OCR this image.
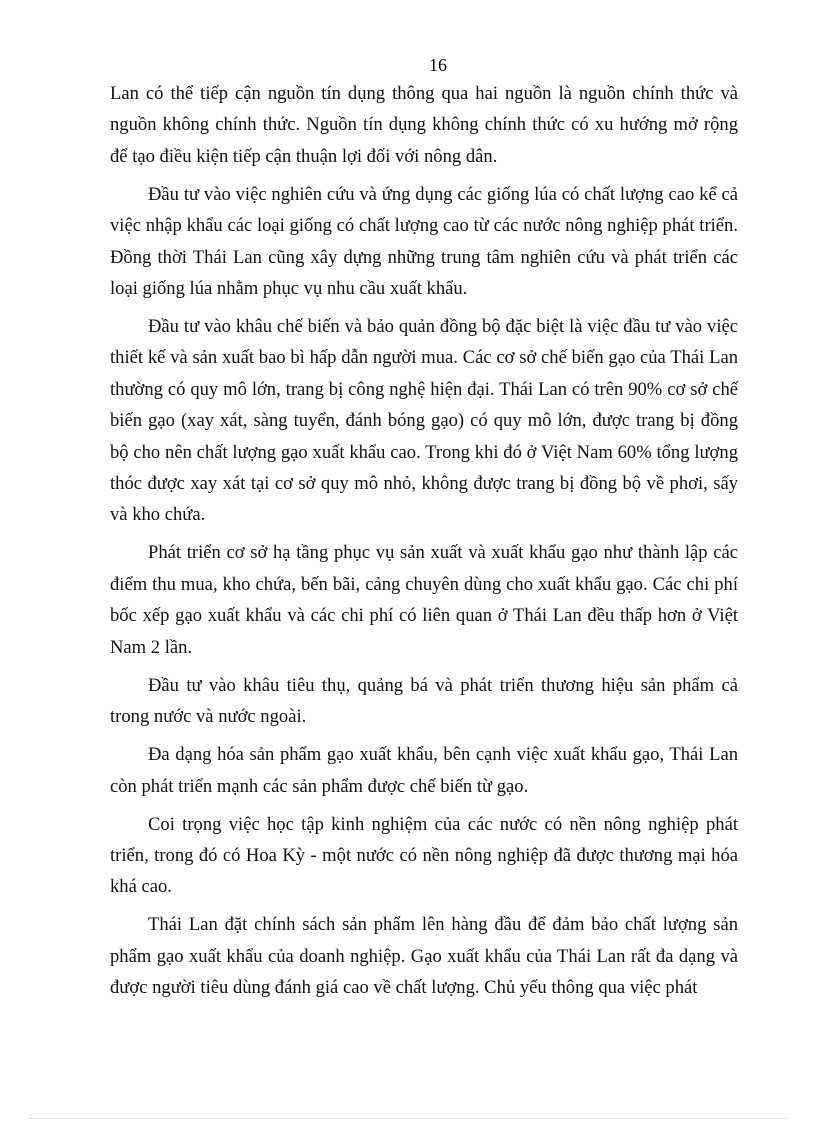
16

Lan có thể tiếp cận nguồn tín dụng thông qua hai nguồn là nguồn chính thức và nguồn không chính thức. Nguồn tín dụng không chính thức có xu hướng mở rộng để tạo điều kiện tiếp cận thuận lợi đối với nông dân.

Đầu tư vào việc nghiên cứu và ứng dụng các giống lúa có chất lượng cao kể cả việc nhập khẩu các loại giống có chất lượng cao từ các nước nông nghiệp phát triển. Đồng thời Thái Lan cũng xây dựng những trung tâm nghiên cứu và phát triển các loại giống lúa nhằm phục vụ nhu cầu xuất khẩu.

Đầu tư vào khâu chế biến và bảo quản đồng bộ đặc biệt là việc đầu tư vào việc thiết kế và sản xuất bao bì hấp dẫn người mua. Các cơ sở chế biến gạo của Thái Lan thường có quy mô lớn, trang bị công nghệ hiện đại. Thái Lan có trên 90% cơ sở chế biến gạo (xay xát, sàng tuyển, đánh bóng gạo) có quy mô lớn, được trang bị đồng bộ cho nên chất lượng gạo xuất khẩu cao. Trong khi đó ở Việt Nam 60% tổng lượng thóc được xay xát tại cơ sở quy mô nhỏ, không được trang bị đồng bộ về phơi, sấy và kho chứa.

Phát triển cơ sở hạ tầng phục vụ sản xuất và xuất khẩu gạo như thành lập các điểm thu mua, kho chứa, bến bãi, cảng chuyên dùng cho xuất khẩu gạo. Các chi phí bốc xếp gạo xuất khẩu và các chi phí có liên quan ở Thái Lan đều thấp hơn ở Việt Nam 2 lần.

Đầu tư vào khâu tiêu thụ, quảng bá và phát triển thương hiệu sản phẩm cả trong nước và nước ngoài.

Đa dạng hóa sản phẩm gạo xuất khẩu, bên cạnh việc xuất khẩu gạo, Thái Lan còn phát triển mạnh các sản phẩm được chế biến từ gạo.

Coi trọng việc học tập kinh nghiệm của các nước có nền nông nghiệp phát triển, trong đó có Hoa Kỳ - một nước có nền nông nghiệp đã được thương mại hóa khá cao.

Thái Lan đặt chính sách sản phẩm lên hàng đầu để đảm bảo chất lượng sản phẩm gạo xuất khẩu của doanh nghiệp. Gạo xuất khẩu của Thái Lan rất đa dạng và được người tiêu dùng đánh giá cao về chất lượng. Chủ yếu thông qua việc phát
